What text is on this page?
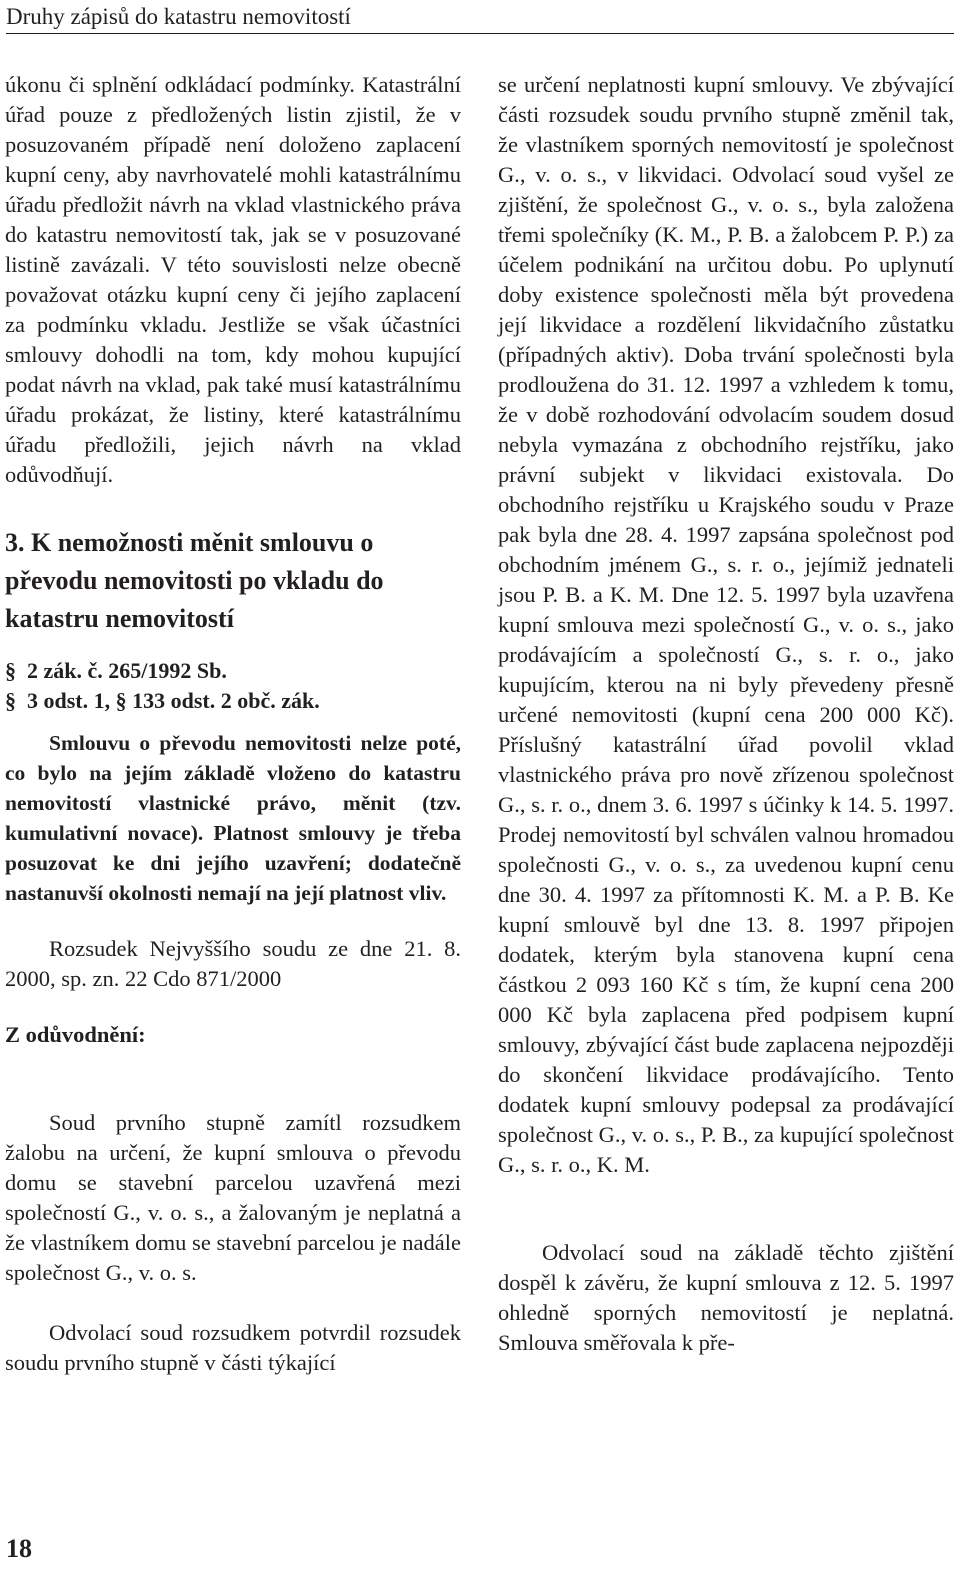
Druhy zápisů do katastru nemovitostí

úkonu či splnění odkládací podmínky. Katastrální úřad pouze z předložených listin zjistil, že v posuzovaném případě není doloženo zaplacení kupní ceny, aby navrhovatelé mohli katastrálnímu úřadu předložit návrh na vklad vlastnického práva do katastru nemovitostí tak, jak se v posuzované listině zavázali. V této souvislosti nelze obecně považovat otázku kupní ceny či jejího zaplacení za podmínku vkladu. Jestliže se však účastníci smlouvy dohodli na tom, kdy mohou kupující podat návrh na vklad, pak také musí katastrálnímu úřadu prokázat, že listiny, které katastrálnímu úřadu předložili, jejich návrh na vklad odůvodňují.

3. K nemožnosti měnit smlouvu o převodu nemovitosti po vkladu do katastru nemovitostí
§ 2 zák. č. 265/1992 Sb.
§ 3 odst. 1, § 133 odst. 2 obč. zák.

Smlouvu o převodu nemovitosti nelze poté, co bylo na jejím základě vloženo do katastru nemovitostí vlastnické právo, měnit (tzv. kumulativní novace). Platnost smlouvy je třeba posuzovat ke dni jejího uzavření; dodatečně nastanuvší okolnosti nemají na její platnost vliv.

Rozsudek Nejvyššího soudu ze dne 21. 8. 2000, sp. zn. 22 Cdo 871/2000

Z odůvodnění:

Soud prvního stupně zamítl rozsudkem žalobu na určení, že kupní smlouva o převodu domu se stavební parcelou uzavřená mezi společností G., v. o. s., a žalovaným je neplatná a že vlastníkem domu se stavební parcelou je nadále společnost G., v. o. s.

Odvolací soud rozsudkem potvrdil rozsudek soudu prvního stupně v části týkající

se určení neplatnosti kupní smlouvy. Ve zbývající části rozsudek soudu prvního stupně změnil tak, že vlastníkem sporných nemovitostí je společnost G., v. o. s., v likvidaci. Odvolací soud vyšel ze zjištění, že společnost G., v. o. s., byla založena třemi společníky (K. M., P. B. a žalobcem P. P.) za účelem podnikání na určitou dobu. Po uplynutí doby existence společnosti měla být provedena její likvidace a rozdělení likvidačního zůstatku (případných aktiv). Doba trvání společnosti byla prodloužena do 31. 12. 1997 a vzhledem k tomu, že v době rozhodování odvolacím soudem dosud nebyla vymazána z obchodního rejstříku, jako právní subjekt v likvidaci existovala. Do obchodního rejstříku u Krajského soudu v Praze pak byla dne 28. 4. 1997 zapsána společnost pod obchodním jménem G., s. r. o., jejímiž jednateli jsou P. B. a K. M. Dne 12. 5. 1997 byla uzavřena kupní smlouva mezi společností G., v. o. s., jako prodávajícím a společností G., s. r. o., jako kupujícím, kterou na ni byly převedeny přesně určené nemovitosti (kupní cena 200 000 Kč). Příslušný katastrální úřad povolil vklad vlastnického práva pro nově zřízenou společnost G., s. r. o., dnem 3. 6. 1997 s účinky k 14. 5. 1997. Prodej nemovitostí byl schválen valnou hromadou společnosti G., v. o. s., za uvedenou kupní cenu dne 30. 4. 1997 za přítomnosti K. M. a P. B. Ke kupní smlouvě byl dne 13. 8. 1997 připojen dodatek, kterým byla stanovena kupní cena částkou 2 093 160 Kč s tím, že kupní cena 200 000 Kč byla zaplacena před podpisem kupní smlouvy, zbývající část bude zaplacena nejpozději do skončení likvidace prodávajícího. Tento dodatek kupní smlouvy podepsal za prodávající společnost G., v. o. s., P. B., za kupující společnost G., s. r. o., K. M.

Odvolací soud na základě těchto zjištění dospěl k závěru, že kupní smlouva z 12. 5. 1997 ohledně sporných nemovitostí je neplatná. Smlouva směřovala k pře-

18
